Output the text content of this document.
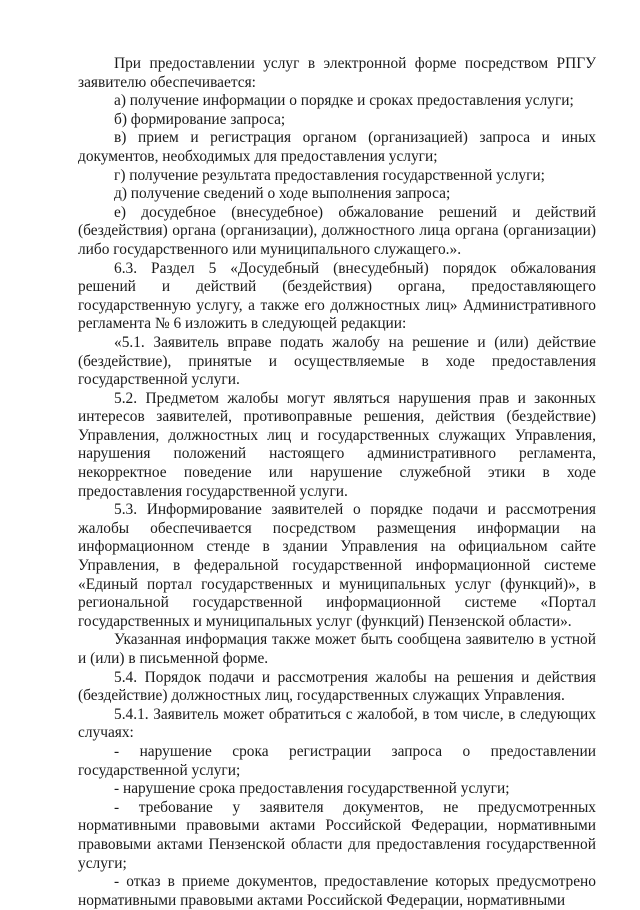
При предоставлении услуг в электронной форме посредством РПГУ заявителю обеспечивается:

а) получение информации о порядке и сроках предоставления услуги;

б) формирование запроса;

в) прием и регистрация органом (организацией) запроса и иных документов, необходимых для предоставления услуги;

г) получение результата предоставления государственной услуги;

д) получение сведений о ходе выполнения запроса;

е) досудебное (внесудебное) обжалование решений и действий (бездействия) органа (организации), должностного лица органа (организации) либо государственного или муниципального служащего.».

6.3. Раздел 5 «Досудебный (внесудебный) порядок обжалования решений и действий (бездействия) органа, предоставляющего государственную услугу, а также его должностных лиц» Административного регламента № 6 изложить в следующей редакции:

«5.1. Заявитель вправе подать жалобу на решение и (или) действие (бездействие), принятые и осуществляемые в ходе предоставления государственной услуги.

5.2. Предметом жалобы могут являться нарушения прав и законных интересов заявителей, противоправные решения, действия (бездействие) Управления, должностных лиц и государственных служащих Управления, нарушения положений настоящего административного регламента, некорректное поведение или нарушение служебной этики в ходе предоставления государственной услуги.

5.3. Информирование заявителей о порядке подачи и рассмотрения жалобы обеспечивается посредством размещения информации на информационном стенде в здании Управления на официальном сайте Управления, в федеральной государственной информационной системе «Единый портал государственных и муниципальных услуг (функций)», в региональной государственной информационной системе «Портал государственных и муниципальных услуг (функций) Пензенской области».

Указанная информация также может быть сообщена заявителю в устной и (или) в письменной форме.

5.4. Порядок подачи и рассмотрения жалобы на решения и действия (бездействие) должностных лиц, государственных служащих Управления.

5.4.1. Заявитель может обратиться с жалобой, в том числе, в следующих случаях:

- нарушение срока регистрации запроса о предоставлении государственной услуги;

- нарушение срока предоставления государственной услуги;

- требование у заявителя документов, не предусмотренных нормативными правовыми актами Российской Федерации, нормативными правовыми актами Пензенской области для предоставления государственной услуги;

- отказ в приеме документов, предоставление которых предусмотрено нормативными правовыми актами Российской Федерации, нормативными
